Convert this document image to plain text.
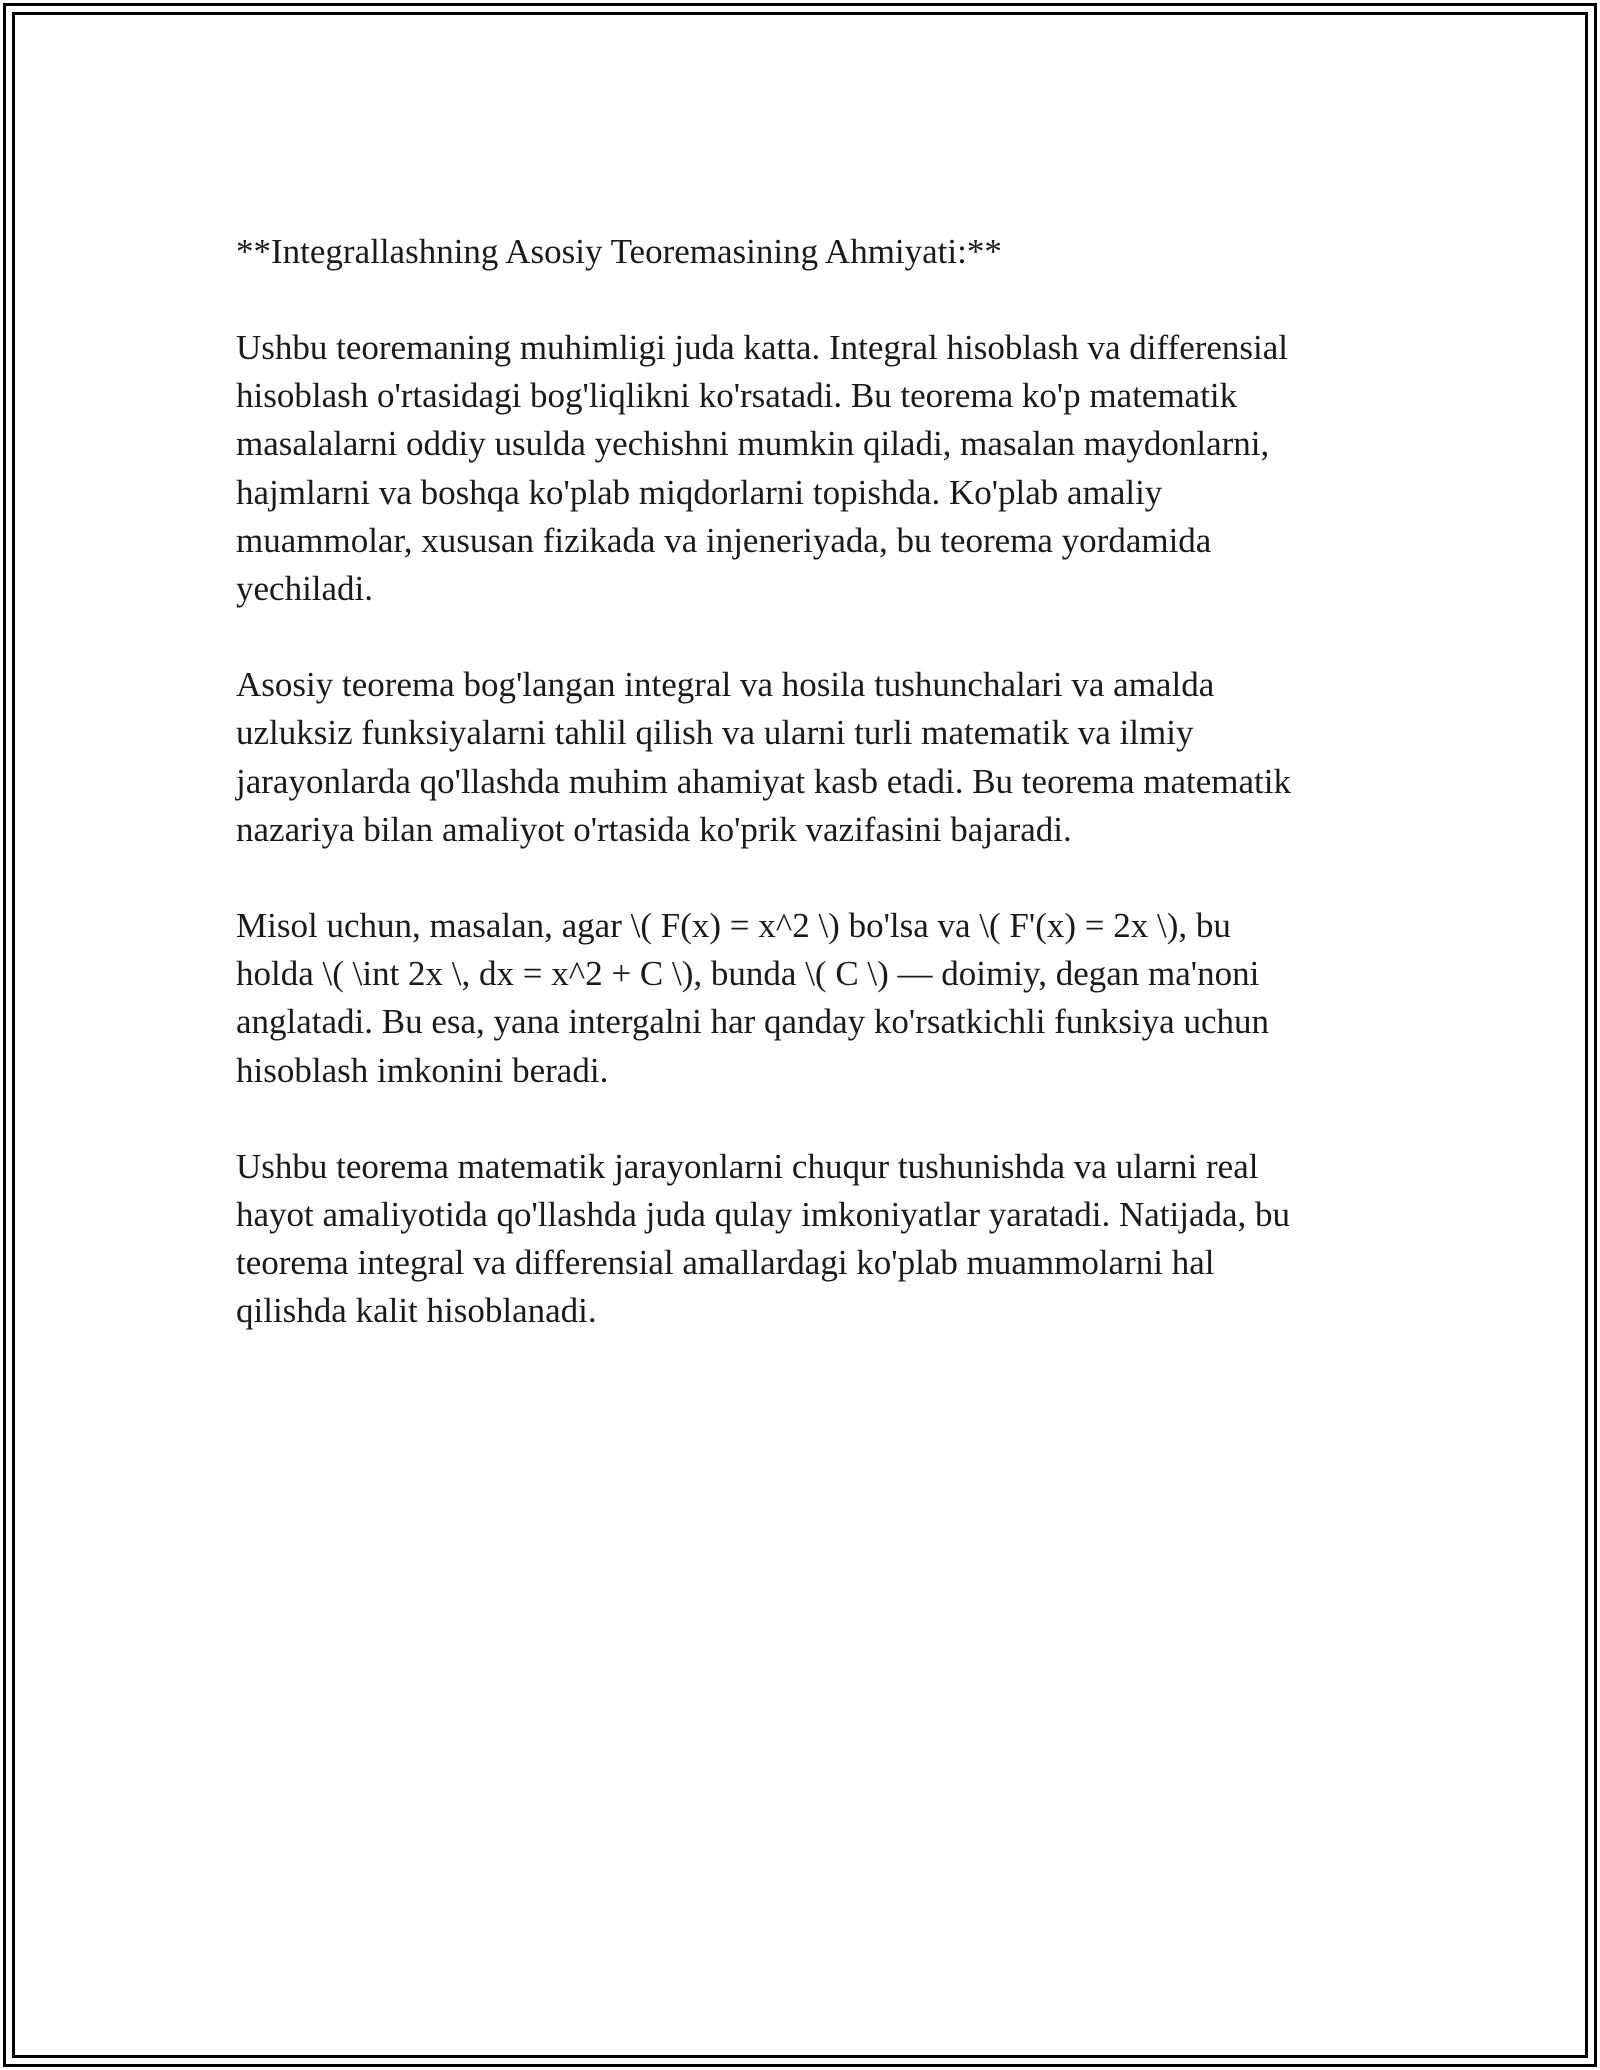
**Integrallashning Asosiy Teoremasining Ahmiyati:**
Ushbu teoremaning muhimligi juda katta. Integral hisoblash va differensial
hisoblash o'rtasidagi bog'liqlikni ko'rsatadi. Bu teorema ko'p matematik
masalalarni oddiy usulda yechishni mumkin qiladi, masalan maydonlarni,
hajmlarni va boshqa ko'plab miqdorlarni topishda. Ko'plab amaliy
muammolar, xususan fizikada va injeneriyada, bu teorema yordamida
yechiladi.
Asosiy teorema bog'langan integral va hosila tushunchalari va amalda
uzluksiz funksiyalarni tahlil qilish va ularni turli matematik va ilmiy
jarayonlarda qo'llashda muhim ahamiyat kasb etadi. Bu teorema matematik
nazariya bilan amaliyot o'rtasida ko'prik vazifasini bajaradi.
Misol uchun, masalan, agar \( F(x) = x^2 \) bo'lsa va \( F'(x) = 2x \), bu
holda \( \int 2x \, dx = x^2 + C \), bunda \( C \) — doimiy, degan ma'noni
anglatadi. Bu esa, yana intergalni har qanday ko'rsatkichli funksiya uchun
hisoblash imkonini beradi.
Ushbu teorema matematik jarayonlarni chuqur tushunishda va ularni real
hayot amaliyotida qo'llashda juda qulay imkoniyatlar yaratadi. Natijada, bu
teorema integral va differensial amallardagi ko'plab muammolarni hal
qilishda kalit hisoblanadi.
